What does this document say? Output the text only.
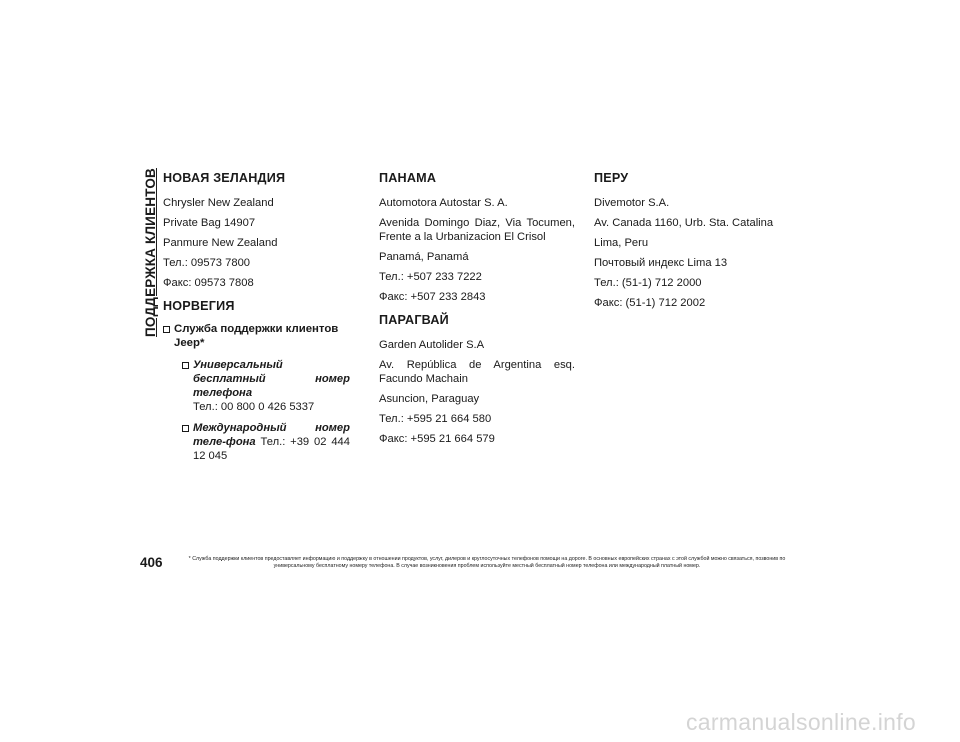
ПОДДЕРЖКА КЛИЕНТОВ НОВАЯ ЗЕЛАНДИЯ
Chrysler New Zealand
Private Bag 14907
Panmure New Zealand
Тел.: 09573 7800
Факс: 09573 7808
НОРВЕГИЯ
Служба поддержки клиентов Jeep*
Универсальный бесплатный номер телефона
Тел.: 00 800 0 426 5337
Международный номер теле-фона Тел.: +39 02 444 12 045
ПАНАМА
Automotora Autostar S. A.
Avenida Domingo Diaz, Via Tocumen, Frente a la Urbanizacion El Crisol
Panamá, Panamá
Тел.: +507 233 7222
Факс: +507 233 2843
ПАРАГВАЙ
Garden Autolider S.A
Av. República de Argentina esq. Facundo Machain
Asuncion, Paraguay
Тел.: +595 21 664 580
Факс: +595 21 664 579
ПЕРУ
Divemotor S.A.
Av. Canada 1160, Urb. Sta. Catalina
Lima, Peru
Почтовый индекс Lima 13
Тел.: (51-1) 712 2000
Факс: (51-1) 712 2002
406	* Служба поддержки клиентов предоставляет информацию и поддержку в отношении продуктов, услуг, дилеров и круглосуточных телефонов помощи на дороге. В основных европейских странах с этой службой можно связаться, позвонив по универсальному бесплатному номеру телефона. В случае возникновения проблем используйте местный бесплатный номер телефона или международный платный номер.
carmanualsonline.info
